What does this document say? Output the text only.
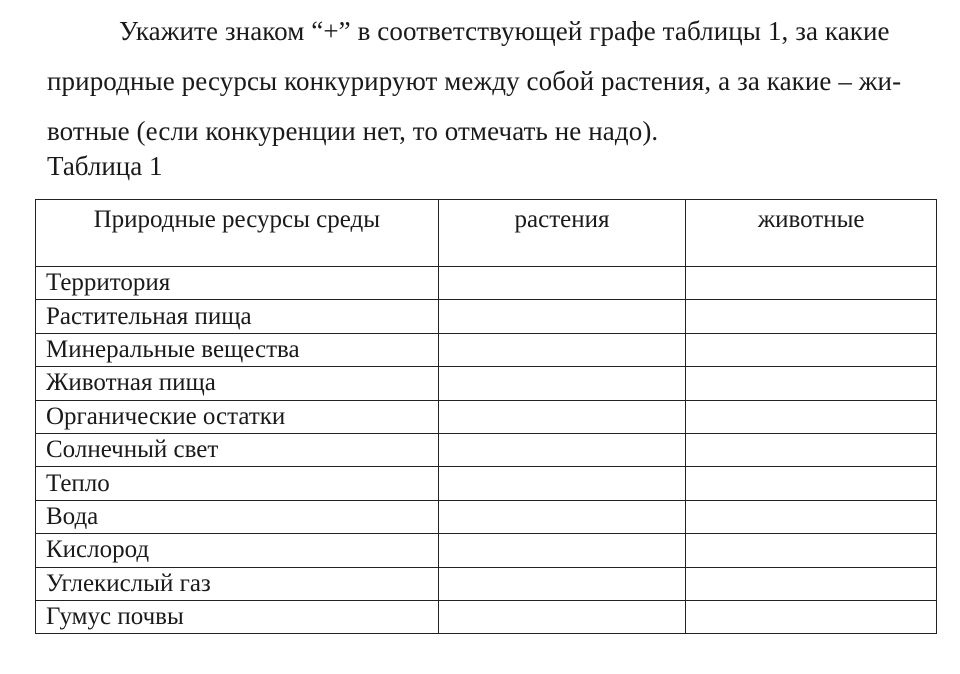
Укажите знаком “+” в соответствующей графе таблицы 1, за какие
природные ресурсы конкурируют между собой растения, а за какие – жи-
вотные (если конкуренции нет, то отмечать не надо).
Таблица 1
Природные ресурсы среды	растения	животные
Территория		
Растительная пища		
Минеральные вещества		
Животная пища		
Органические остатки		
Солнечный свет		
Тепло		
Вода		
Кислород		
Углекислый газ		
Гумус почвы		
